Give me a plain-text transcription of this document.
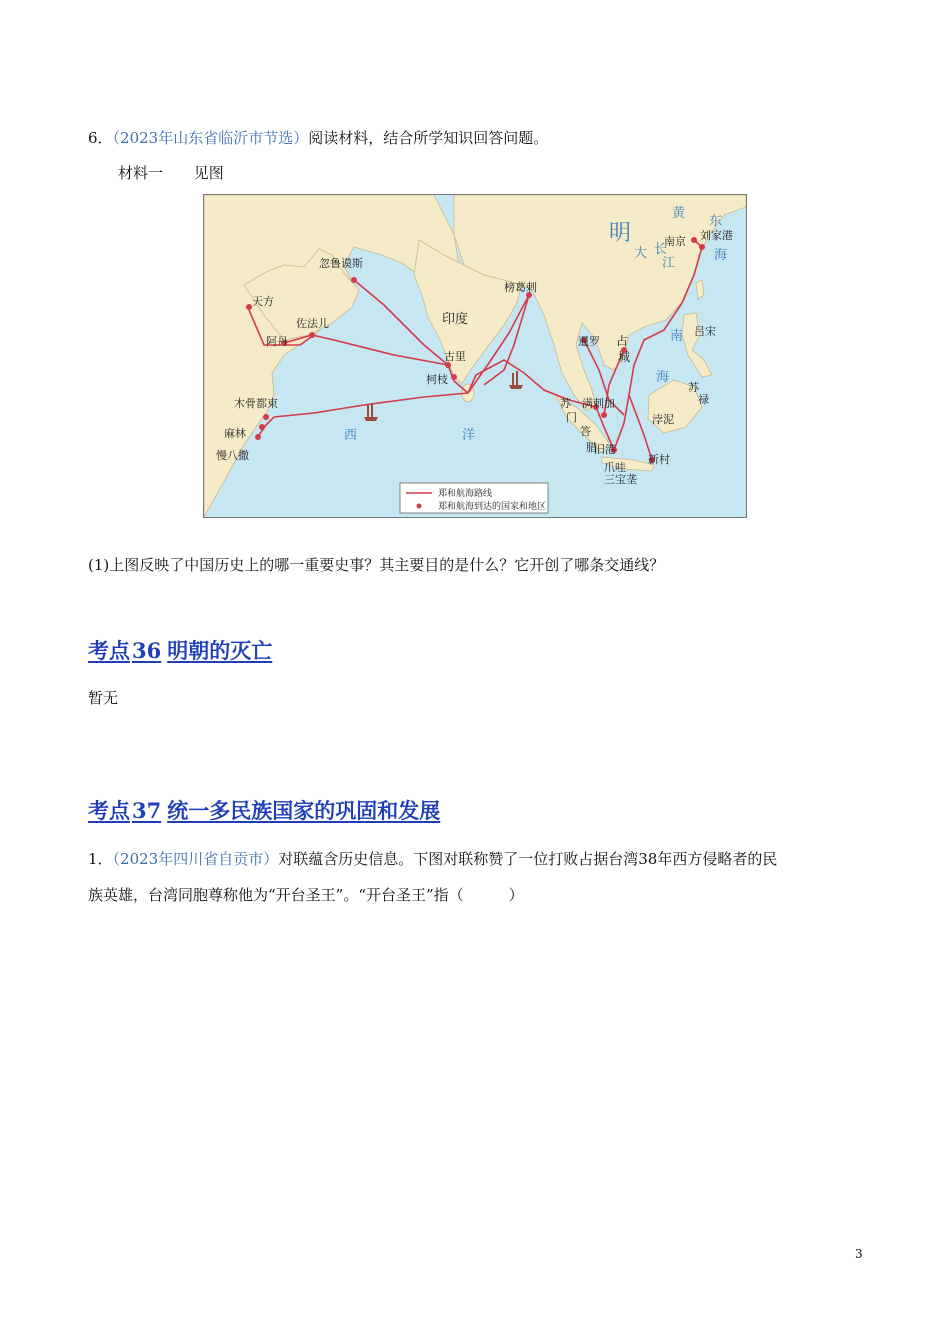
6．（2023年山东省临沂市节选）阅读材料，结合所学知识回答问题。
材料一 见图
南京 刘家港
忽鲁谟斯
天方
佐法儿
阿丹
榜葛剌
古里
柯枝
木骨都束
麻林
慢八撒
暹罗 占
城
吕宋
苏
禄
浡泥
苏
门
答
腊
满剌加
旧港
爪哇
新村
三宝垄
印度
明
黄
东
海
大 长
江
南
海
西	洋
郑和航海路线
郑和航海到达的国家和地区
(1)上图反映了中国历史上的哪一重要史事？其主要目的是什么？它开创了哪条交通线？
考点36 明朝的灭亡
暂无
考点37 统一多民族国家的巩固和发展
1．（2023年四川省自贡市）对联蕴含历史信息。下图对联称赞了一位打败占据台湾38年西方侵略者的民
族英雄，台湾同胞尊称他为“开台圣王”。“开台圣王”指（　　　）
3
